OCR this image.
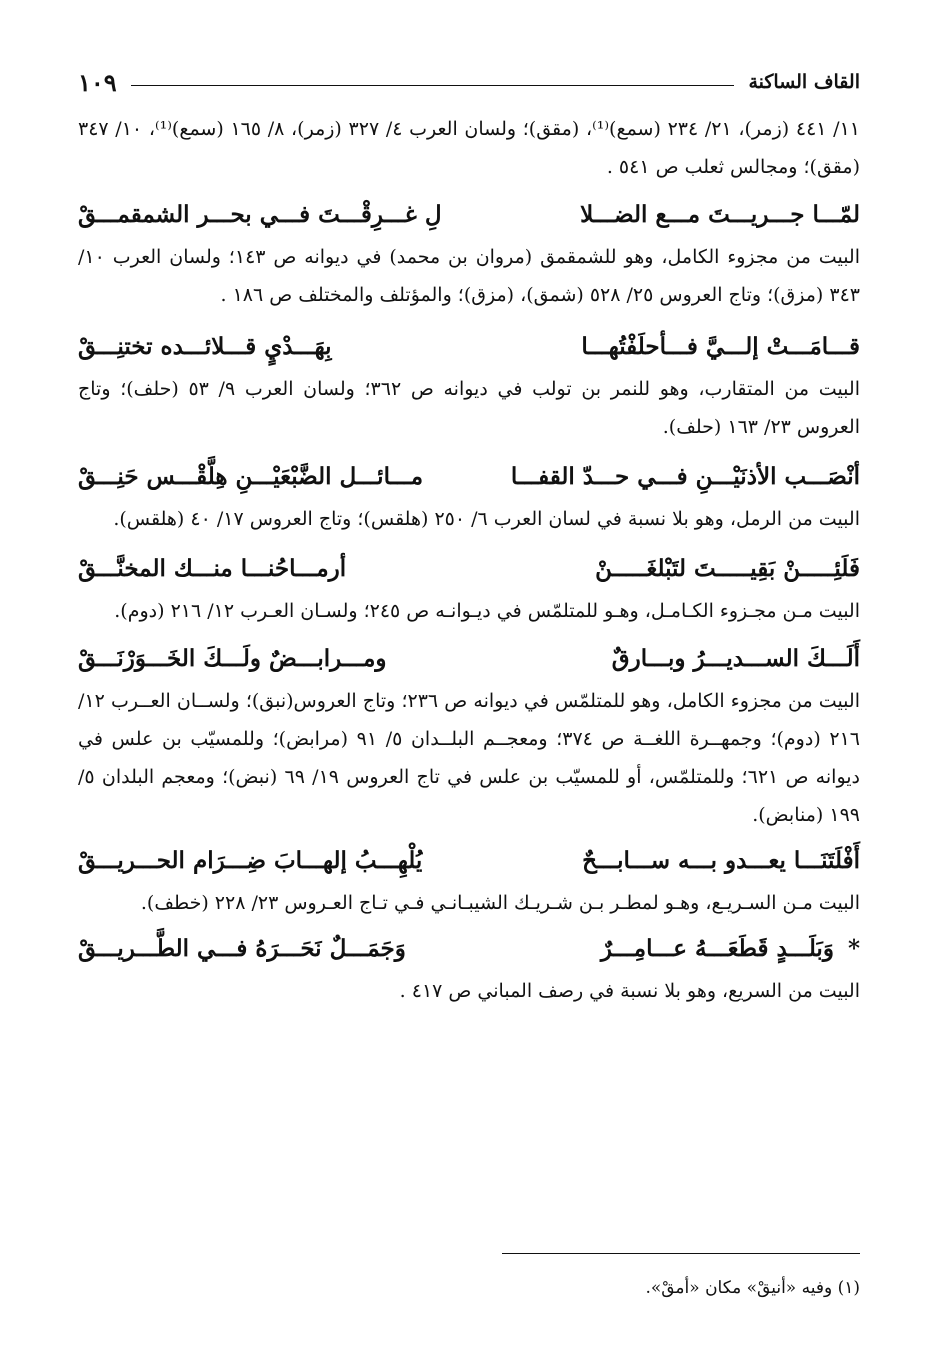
القاف الساكنة
١٠٩

١١/ ٤٤١ (زمر)، ٢١/ ٢٣٤ (سمع)⁽¹⁾، (مقق)؛ ولسان العرب ٤/ ٣٢٧ (زمر)، ٨/ ١٦٥ (سمع)⁽¹⁾، ١٠/ ٣٤٧ (مقق)؛ ومجالس ثعلب ص ٥٤١ .

لمّـــا جـــريـــتَ مـــع الضـــلا
لِ غـــرِقْـــتَ فـــي بحـــر الشمقمـــقْ

البيت من مجزوء الكامل، وهو للشمقمق (مروان بن محمد) في ديوانه ص ١٤٣؛ ولسان العرب ١٠/ ٣٤٣ (مزق)؛ وتاج العروس ٢٥/ ٥٢٨ (شمق)، (مزق)؛ والمؤتلف والمختلف ص ١٨٦ .

قـــامَـــتْ إلـــيَّ فـــأحلَفْتُهـــا
بِهَـــدْيٍ قـــلائـــده تختنِـــقْ

البيت من المتقارب، وهو للنمر بن تولب في ديوانه ص ٣٦٢؛ ولسان العرب ٩/ ٥٣ (حلف)؛ وتاج العروس ٢٣/ ١٦٣ (حلف).

أنْصَـــب الأذنَيْـــنِ فـــي حـــدّ القفـــا
مـــائـــل الضَّبْعَيْـــنِ هِلَّقْـــس حَنِـــقْ

البيت من الرمل، وهو بلا نسبة في لسان العرب ٦/ ٢٥٠ (هلقس)؛ وتاج العروس ١٧/ ٤٠ (هلقس).

فَلَئِـــــنْ بَقِيـــــتَ لتَبْلغَـــــنْ
أرمـــاحُنـــا منـــك المخنَّـــقْ

البيت مـن مجـزوء الكـامـل، وهـو للمتلمّس في ديـوانـه ص ٢٤٥؛ ولسـان العـرب ١٢/ ٢١٦ (دوم).

أَلَـــكَ الســـديـــرُ وبـــارقٌ
ومـــرابـــضٌ ولَـــكَ الخَـــوَرْنَـــقْ

البيت من مجزوء الكامل، وهو للمتلمّس في ديوانه ص ٢٣٦؛ وتاج العروس(نبق)؛ ولســان العــرب ١٢/ ٢١٦ (دوم)؛ وجمهــرة اللغــة ص ٣٧٤؛ ومعجــم البلــدان ٥/ ٩١ (مرابض)؛ وللمسيّب بن علس في ديوانه ص ٦٢١؛ وللمتلمّس، أو للمسيّب بن علس في تاج العروس ١٩/ ٦٩ (نبض)؛ ومعجم البلدان ٥/ ١٩٩ (منابض).

أَفْلَتَنَـــا يعـــدو بـــه ســـابـــحٌ
يُلْهِـــبُ إلهـــابَ ضِـــرَام الحـــريـــقْ

البيت مـن السـريـع، وهـو لمطـر بـن شـريـك الشيبـانـي فـي تـاج العـروس ٢٣/ ٢٢٨ (خطف).

* وَبَلَـــدٍ قَطَعَـــهُ عـــامِـــرٌ
وَجَمَـــلٌ نَحَـــرَهُ فـــي الطَّـــريـــقْ

البيت من السريع، وهو بلا نسبة في رصف المباني ص ٤١٧ .

(١) وفيه «أنيقْ» مكان «أمقْ».
